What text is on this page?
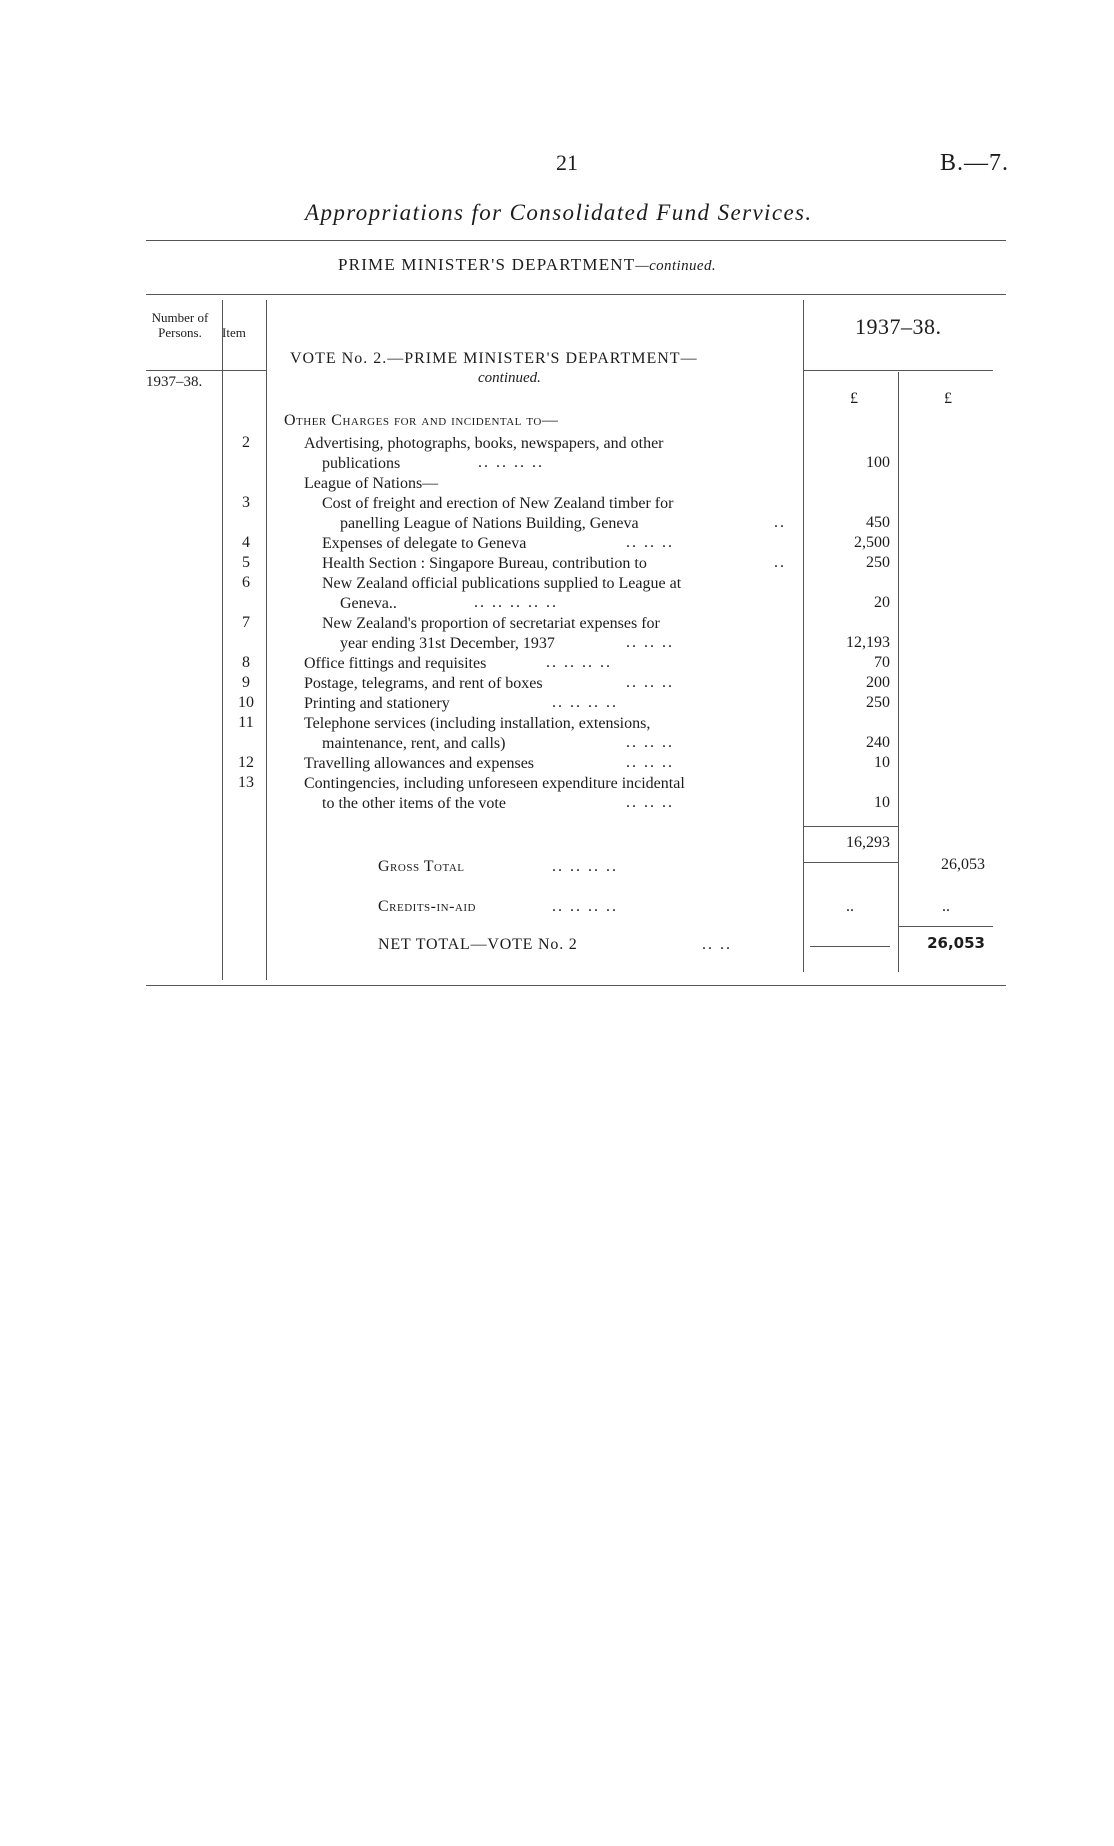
21	B.—7.
Appropriations for Consolidated Fund Services.
PRIME MINISTER'S DEPARTMENT—continued.
Number of Persons.	Item
1937–38.
1937–38.
£	£
VOTE No. 2.—PRIME MINISTER'S DEPARTMENT—
continued.
Other Charges for and incidental to—
2	Advertising, photographs, books, newspapers, and other
publications	.. .. .. ..	100
League of Nations—
3	Cost of freight and erection of New Zealand timber for
panelling League of Nations Building, Geneva	..	450
4	Expenses of delegate to Geneva	.. .. ..	2,500
5	Health Section : Singapore Bureau, contribution to	..	250
6	New Zealand official publications supplied to League at
Geneva..	.. .. .. .. ..	20
7	New Zealand's proportion of secretariat expenses for
year ending 31st December, 1937	.. .. ..	12,193
8	Office fittings and requisites	.. .. .. ..	70
9	Postage, telegrams, and rent of boxes	.. .. ..	200
10	Printing and stationery	.. .. .. ..	250
11	Telephone services (including installation, extensions,
maintenance, rent, and calls)	.. .. ..	240
12	Travelling allowances and expenses	.. .. ..	10
13	Contingencies, including unforeseen expenditure incidental
to the other items of the vote	.. .. ..	10
16,293
Gross Total	.. .. .. ..	26,053
Credits-in-aid	.. .. .. ..	..	..
NET TOTAL—VOTE No. 2	.. ..	26,053
